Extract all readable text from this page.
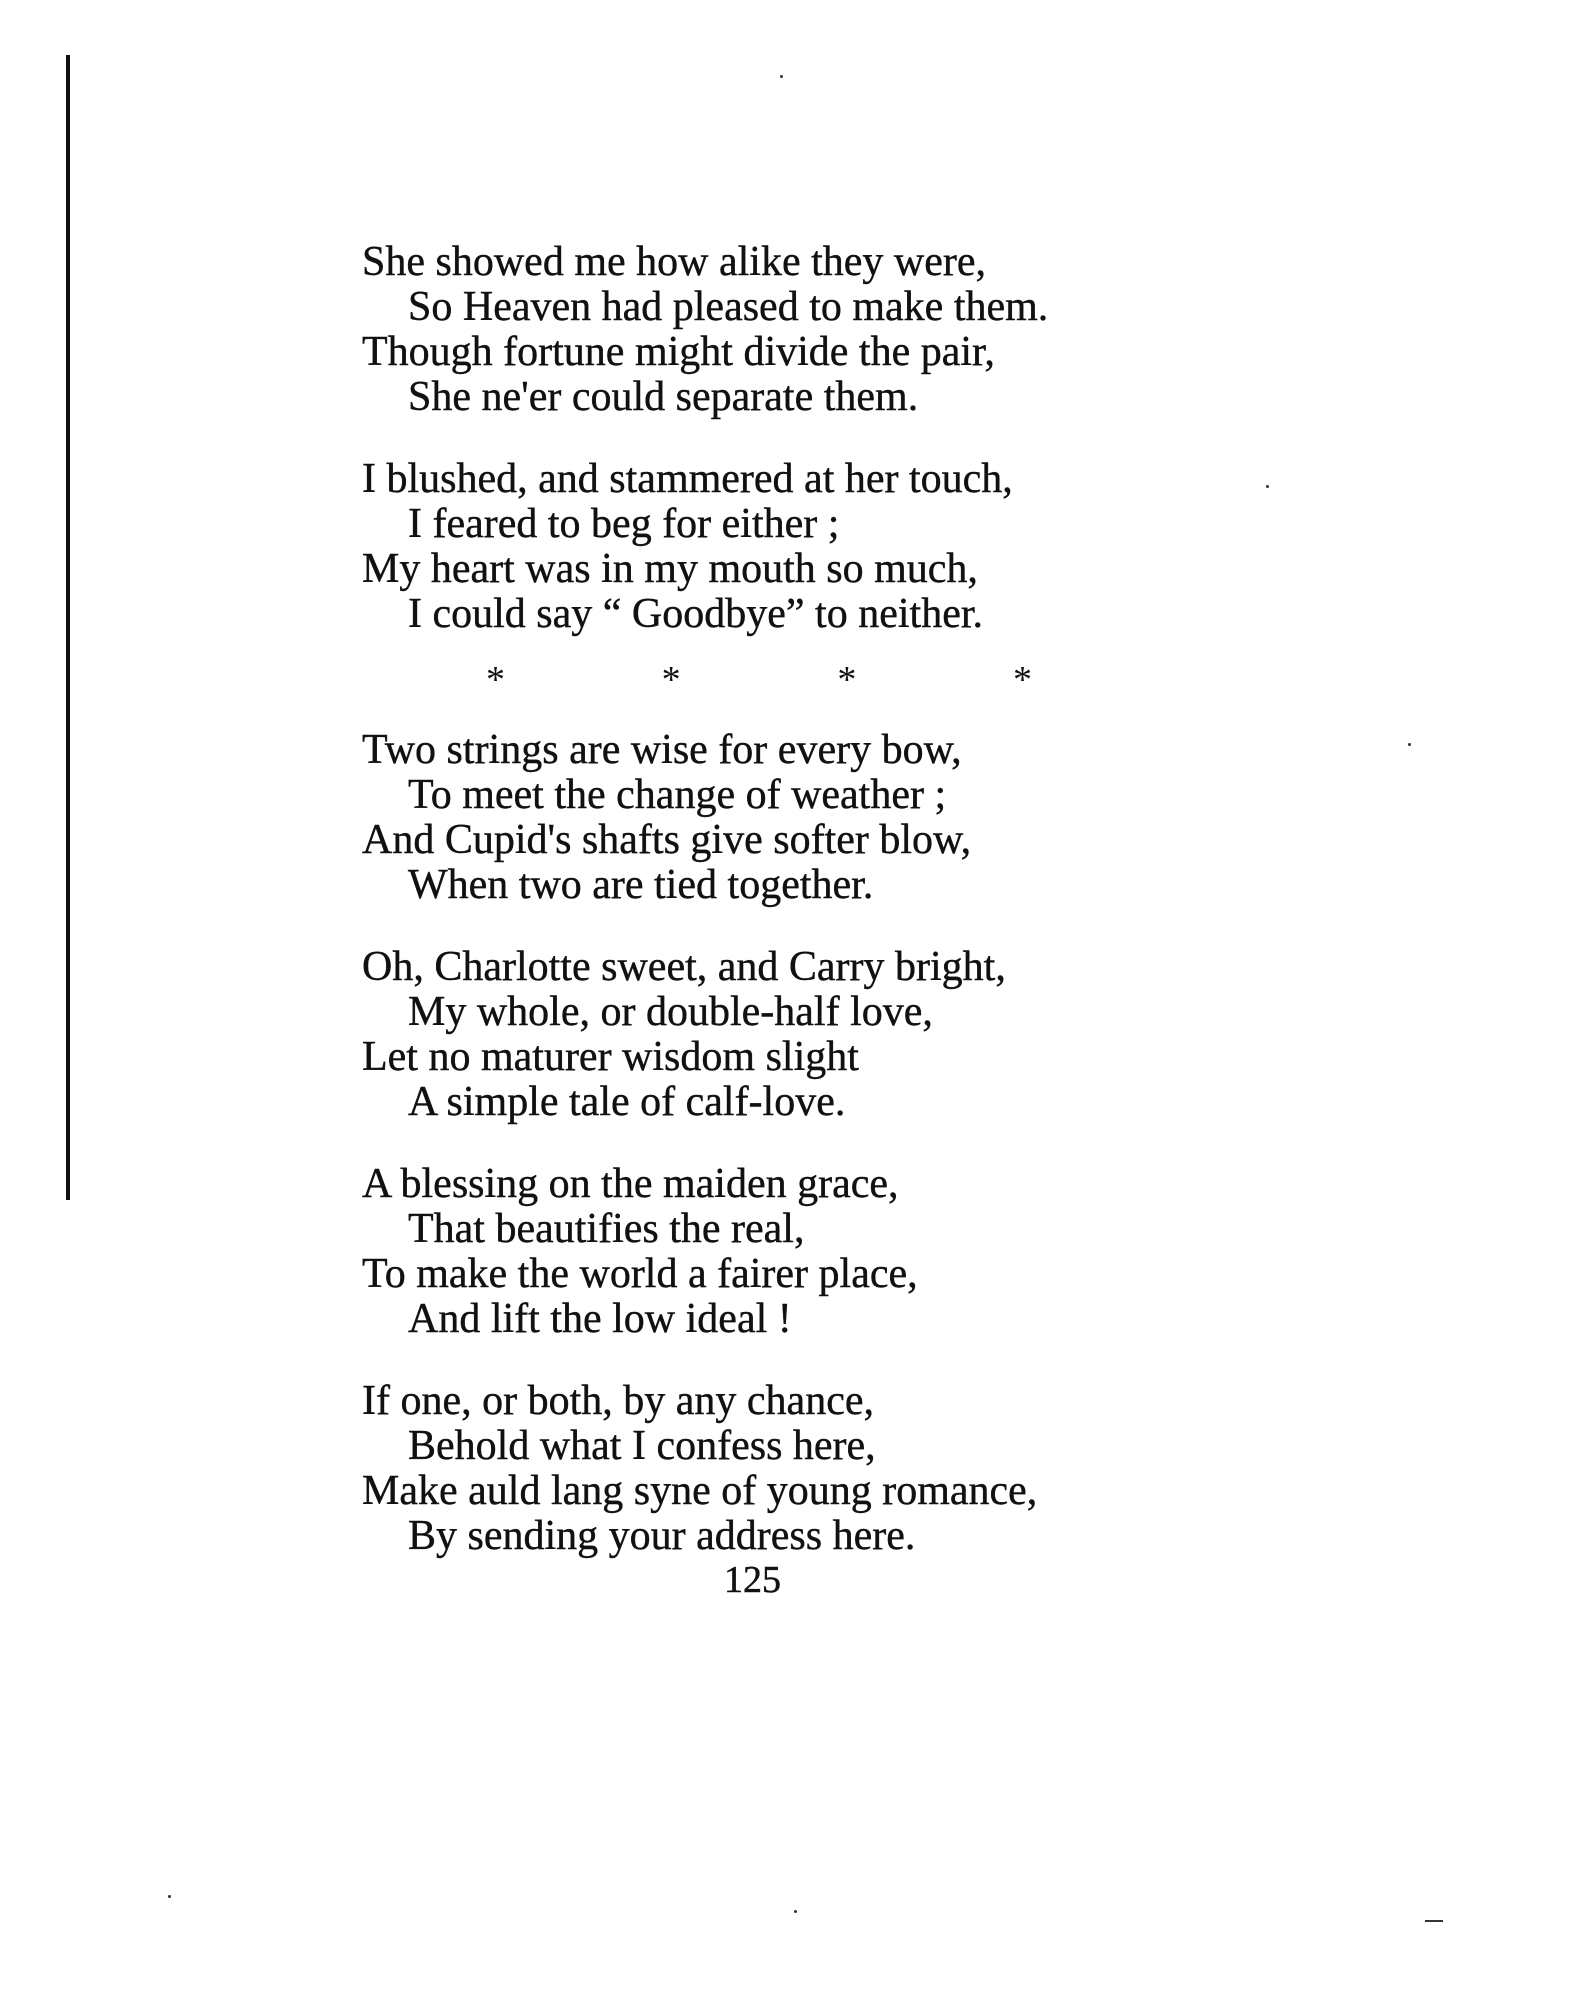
She showed me how alike they were,
So Heaven had pleased to make them.
Though fortune might divide the pair,
She ne'er could separate them.
I blushed, and stammered at her touch,
I feared to beg for either ;
My heart was in my mouth so much,
I could say “ Goodbye” to neither.
*	*	*	*
Two strings are wise for every bow,
To meet the change of weather ;
And Cupid's shafts give softer blow,
When two are tied together.
Oh, Charlotte sweet, and Carry bright,
My whole, or double-half love,
Let no maturer wisdom slight
A simple tale of calf-love.
A blessing on the maiden grace,
That beautifies the real,
To make the world a fairer place,
And lift the low ideal !
If one, or both, by any chance,
Behold what I confess here,
Make auld lang syne of young romance,
By sending your address here.
125
